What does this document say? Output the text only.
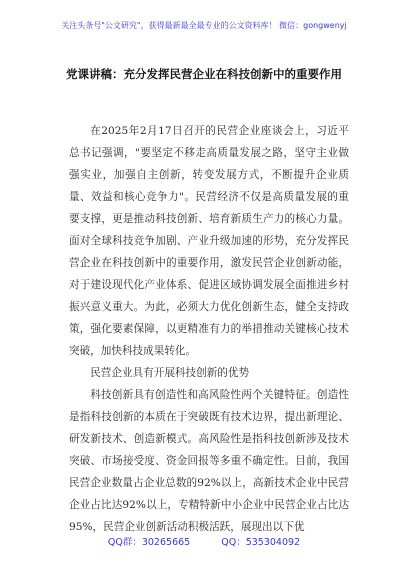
关注头条号"公文研究"，获得最新最全最专业的公文资料库！ 微信：gongwenyj
党课讲稿：充分发挥民营企业在科技创新中的重要作用

在2025年2月17日召开的民营企业座谈会上，习近平总书记强调，"要坚定不移走高质量发展之路，坚守主业做强实业，加强自主创新，转变发展方式，不断提升企业质量、效益和核心竞争力"。民营经济不仅是高质量发展的重要支撑，更是推动科技创新、培育新质生产力的核心力量。面对全球科技竞争加剧、产业升级加速的形势，充分发挥民营企业在科技创新中的重要作用，激发民营企业创新动能，对于建设现代化产业体系、促进区域协调发展全面推进乡村振兴意义重大。为此，必须大力优化创新生态，健全支持政策，强化要素保障，以更精准有力的举措推动关键核心技术突破，加快科技成果转化。

民营企业具有开展科技创新的优势

科技创新具有创造性和高风险性两个关键特征。创造性是指科技创新的本质在于突破既有技术边界，提出新理论、研发新技术、创造新模式。高风险性是指科技创新涉及技术突破、市场接受度、资金回报等多重不确定性。目前，我国民营企业数量占企业总数的92%以上，高新技术企业中民营企业占比达92%以上，专精特新中小企业中民营企业占比达95%，民营企业创新活动积极活跃，展现出以下优

QQ群：30265665	QQ：535304092
